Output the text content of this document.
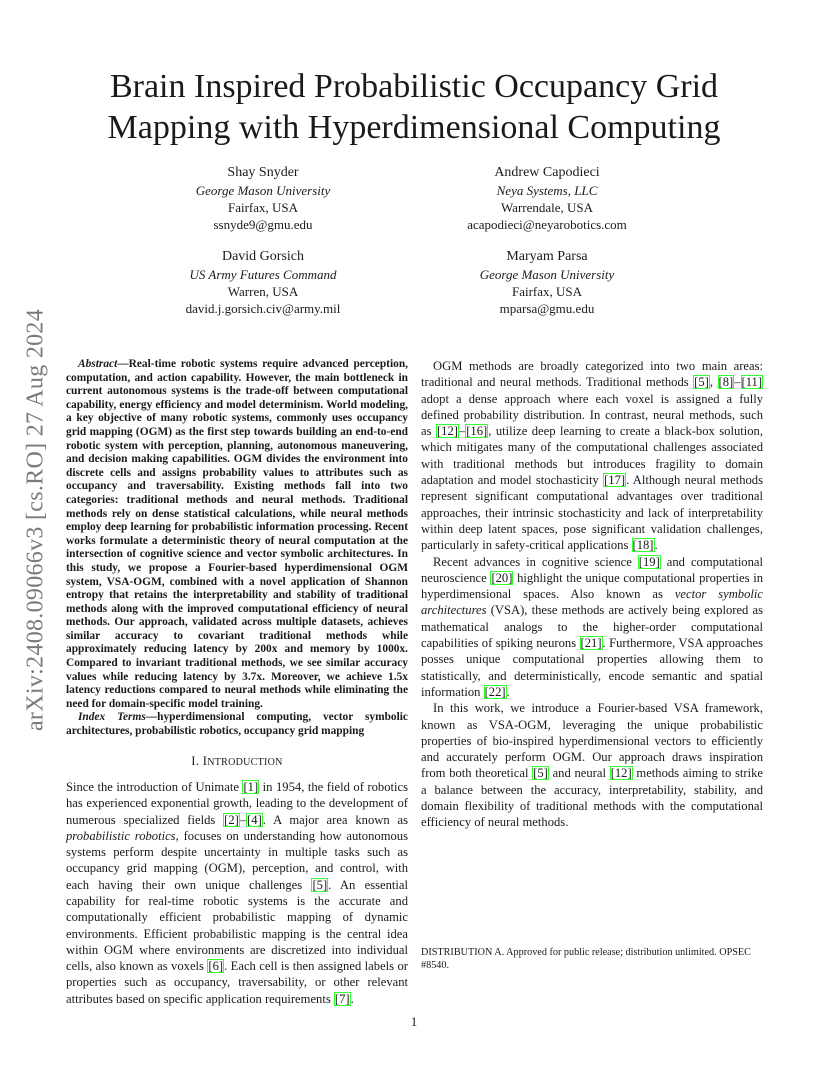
arXiv:2408.09066v3 [cs.RO] 27 Aug 2024
Brain Inspired Probabilistic Occupancy Grid
Mapping with Hyperdimensional Computing
Shay Snyder
George Mason University
Fairfax, USA
ssnyde9@gmu.edu
Andrew Capodieci
Neya Systems, LLC
Warrendale, USA
acapodieci@neyarobotics.com
David Gorsich
US Army Futures Command
Warren, USA
david.j.gorsich.civ@army.mil
Maryam Parsa
George Mason University
Fairfax, USA
mparsa@gmu.edu

Abstract—Real-time robotic systems require advanced perception, computation, and action capability. However, the main bottleneck in current autonomous systems is the trade-off between computational capability, energy efficiency and model determinism. World modeling, a key objective of many robotic systems, commonly uses occupancy grid mapping (OGM) as the first step towards building an end-to-end robotic system with perception, planning, autonomous maneuvering, and decision making capabilities. OGM divides the environment into discrete cells and assigns probability values to attributes such as occupancy and traversability. Existing methods fall into two categories: traditional methods and neural methods. Traditional methods rely on dense statistical calculations, while neural methods employ deep learning for probabilistic information processing. Recent works formulate a deterministic theory of neural computation at the intersection of cognitive science and vector symbolic architectures. In this study, we propose a Fourier-based hyperdimensional OGM system, VSA-OGM, combined with a novel application of Shannon entropy that retains the interpretability and stability of traditional methods along with the improved computational efficiency of neural methods. Our approach, validated across multiple datasets, achieves similar accuracy to covariant traditional methods while approximately reducing latency by 200x and memory by 1000x. Compared to invariant traditional methods, we see similar accuracy values while reducing latency by 3.7x. Moreover, we achieve 1.5x latency reductions compared to neural methods while eliminating the need for domain-specific model training.

Index Terms—hyperdimensional computing, vector symbolic architectures, probabilistic robotics, occupancy grid mapping

I. INTRODUCTION

Since the introduction of Unimate [1] in 1954, the field of robotics has experienced exponential growth, leading to the development of numerous specialized fields [2]–[4]. A major area known as probabilistic robotics, focuses on understanding how autonomous systems perform despite uncertainty in multiple tasks such as occupancy grid mapping (OGM), perception, and control, with each having their own unique challenges [5]. An essential capability for real-time robotic systems is the accurate and computationally efficient probabilistic mapping of dynamic environments. Efficient probabilistic mapping is the central idea within OGM where environments are discretized into individual cells, also known as voxels [6]. Each cell is then assigned labels or properties such as occupancy, traversability, or other relevant attributes based on specific application requirements [7].

OGM methods are broadly categorized into two main areas: traditional and neural methods. Traditional methods [5], [8]–[11] adopt a dense approach where each voxel is assigned a fully defined probability distribution. In contrast, neural methods, such as [12]–[16], utilize deep learning to create a black-box solution, which mitigates many of the computational challenges associated with traditional methods but introduces fragility to domain adaptation and model stochasticity [17]. Although neural methods represent significant computational advantages over traditional approaches, their intrinsic stochasticity and lack of interpretability within deep latent spaces, pose significant validation challenges, particularly in safety-critical applications [18].

Recent advances in cognitive science [19] and computational neuroscience [20] highlight the unique computational properties in hyperdimensional spaces. Also known as vector symbolic architectures (VSA), these methods are actively being explored as mathematical analogs to the higher-order computational capabilities of spiking neurons [21]. Furthermore, VSA approaches posses unique computational properties allowing them to statistically, and deterministically, encode semantic and spatial information [22].

In this work, we introduce a Fourier-based VSA framework, known as VSA-OGM, leveraging the unique probabilistic properties of bio-inspired hyperdimensional vectors to efficiently and accurately perform OGM. Our approach draws inspiration from both theoretical [5] and neural [12] methods aiming to strike a balance between the accuracy, interpretability, stability, and domain flexibility of traditional methods with the computational efficiency of neural methods.

DISTRIBUTION A. Approved for public release; distribution unlimited. OPSEC #8540.
1
